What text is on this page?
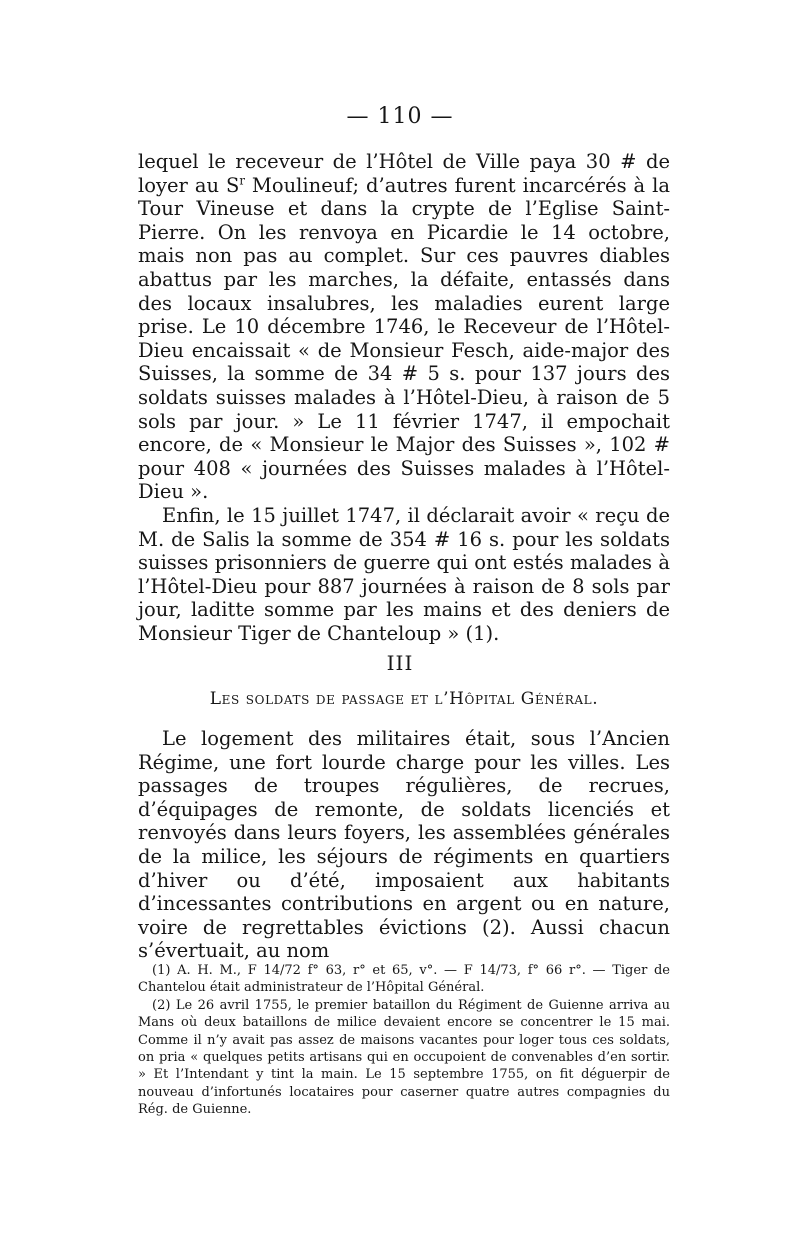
— 110 —

lequel le receveur de l’Hôtel de Ville paya 30 # de loyer au $S^r$ Moulineuf; d’autres furent incarcérés à la Tour Vineuse et dans la crypte de l’Eglise Saint-Pierre. On les renvoya en Picardie le 14 octobre, mais non pas au complet. Sur ces pauvres diables abattus par les marches, la défaite, entassés dans des locaux insalubres, les maladies eurent large prise. Le 10 décembre 1746, le Receveur de l’Hôtel-Dieu encaissait « de Monsieur Fesch, aide-major des Suisses, la somme de 34 # 5 s. pour 137 jours des soldats suisses malades à l’Hôtel-Dieu, à raison de 5 sols par jour. » Le 11 février 1747, il empochait encore, de « Monsieur le Major des Suisses », 102 # pour 408 « journées des Suisses malades à l’Hôtel-Dieu ».

Enfin, le 15 juillet 1747, il déclarait avoir « reçu de M. de Salis la somme de 354 # 16 s. pour les soldats suisses prisonniers de guerre qui ont estés malades à l’Hôtel-Dieu pour 887 journées à raison de 8 sols par jour, laditte somme par les mains et des deniers de Monsieur Tiger de Chanteloup » (1).

III
Les soldats de passage et l’Hôpital Général.

Le logement des militaires était, sous l’Ancien Régime, une fort lourde charge pour les villes. Les passages de troupes régulières, de recrues, d’équipages de remonte, de soldats licenciés et renvoyés dans leurs foyers, les assemblées générales de la milice, les séjours de régiments en quartiers d’hiver ou d’été, imposaient aux habitants d’incessantes contributions en argent ou en nature, voire de regrettables évictions (2). Aussi chacun s’évertuait, au nom

(1) A. H. M., F 14/72 f° 63, r° et 65, v°. — F 14/73, f° 66 r°. — Tiger de Chantelou était administrateur de l’Hôpital Général.

(2) Le 26 avril 1755, le premier bataillon du Régiment de Guienne arriva au Mans où deux bataillons de milice devaient encore se concentrer le 15 mai. Comme il n’y avait pas assez de maisons vacantes pour loger tous ces soldats, on pria « quelques petits artisans qui en occupoient de convenables d’en sortir. » Et l’Intendant y tint la main. Le 15 septembre 1755, on fit déguerpir de nouveau d’infortunés locataires pour caserner quatre autres compagnies du Rég. de Guienne.
